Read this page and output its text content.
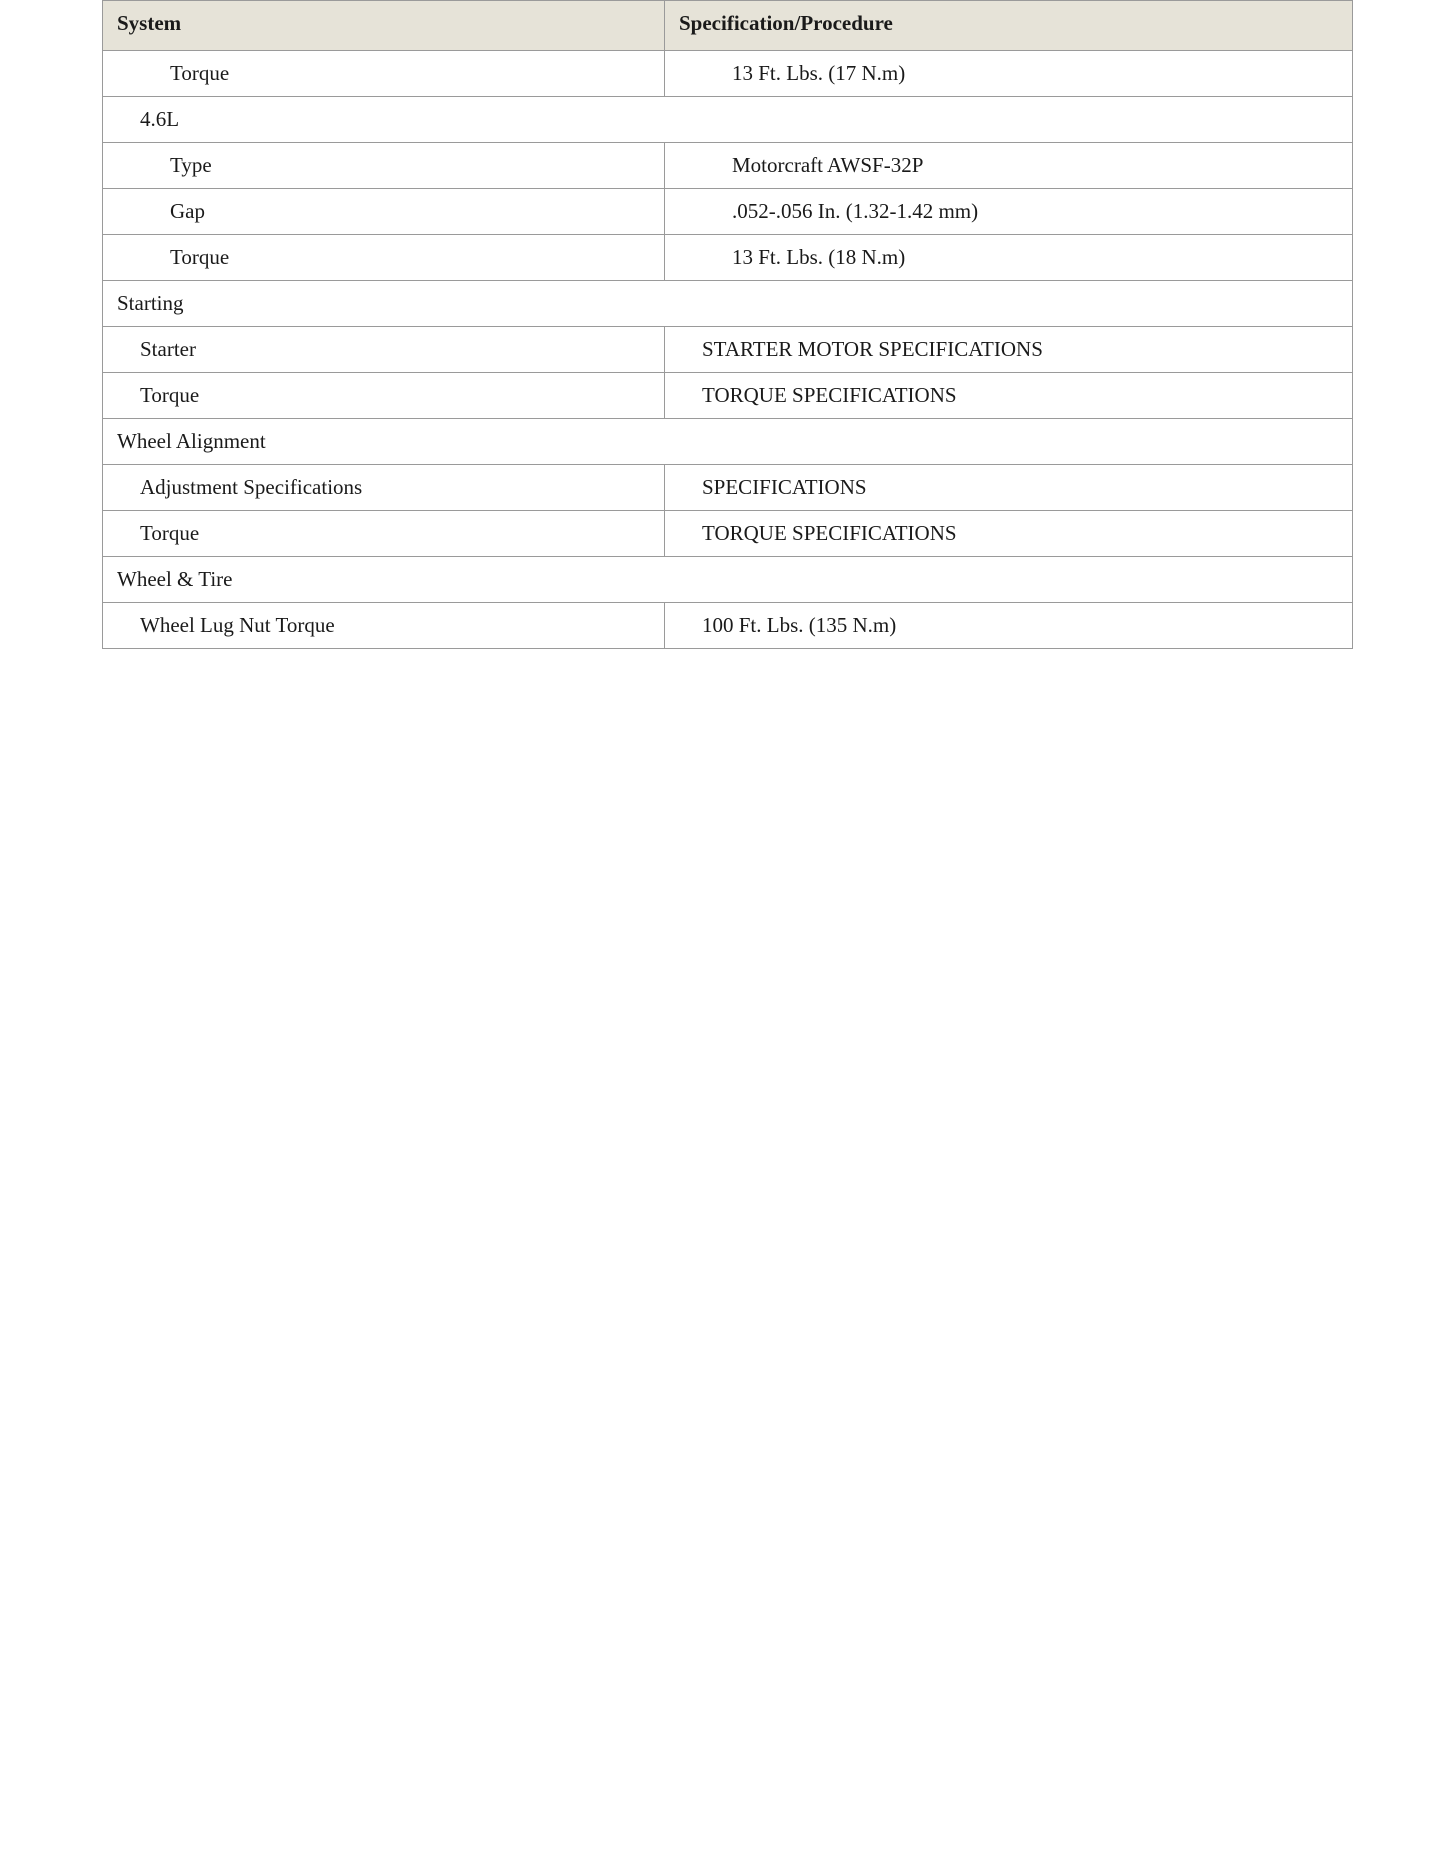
System	Specification/Procedure
Torque	13 Ft. Lbs. (17 N.m)
4.6L	
Type	Motorcraft AWSF-32P
Gap	.052-.056 In. (1.32-1.42 mm)
Torque	13 Ft. Lbs. (18 N.m)
Starting	
Starter	STARTER MOTOR SPECIFICATIONS
Torque	TORQUE SPECIFICATIONS
Wheel Alignment	
Adjustment Specifications	SPECIFICATIONS
Torque	TORQUE SPECIFICATIONS
Wheel & Tire	
Wheel Lug Nut Torque	100 Ft. Lbs. (135 N.m)
